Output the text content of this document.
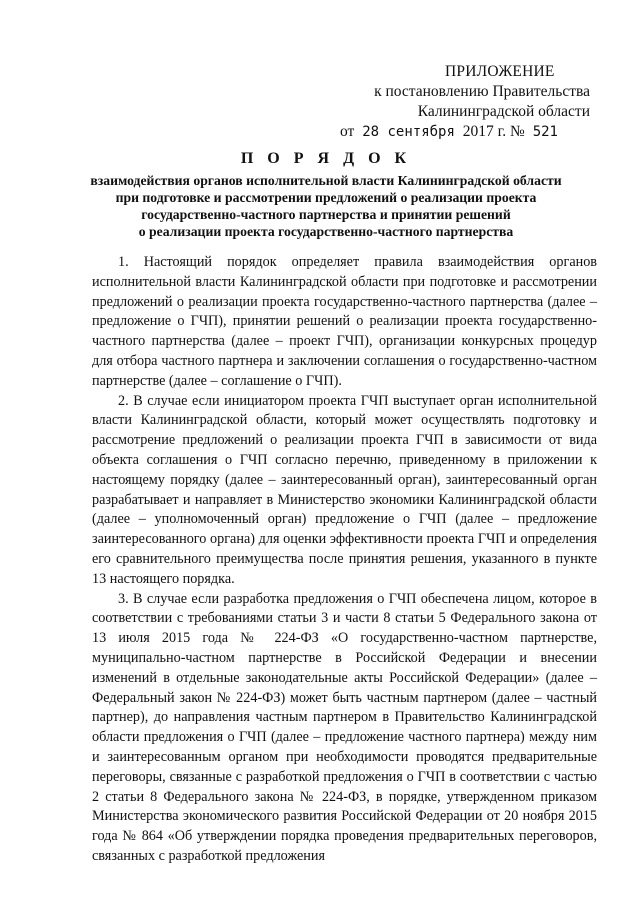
ПРИЛОЖЕНИЕ
к постановлению Правительства
Калининградской области
от 28 сентября 2017 г. № 521
П О Р Я Д О К
взаимодействия органов исполнительной власти Калининградской области
при подготовке и рассмотрении предложений о реализации проекта
государственно-частного партнерства и принятии решений
о реализации проекта государственно-частного партнерства

1. Настоящий порядок определяет правила взаимодействия органов исполнительной власти Калининградской области при подготовке и рассмотрении предложений о реализации проекта государственно-частного партнерства (далее – предложение о ГЧП), принятии решений о реализации проекта государственно-частного партнерства (далее – проект ГЧП), организации конкурсных процедур для отбора частного партнера и заключении соглашения о государственно-частном партнерстве (далее – соглашение о ГЧП).

2. В случае если инициатором проекта ГЧП выступает орган исполнительной власти Калининградской области, который может осуществлять подготовку и рассмотрение предложений о реализации проекта ГЧП в зависимости от вида объекта соглашения о ГЧП согласно перечню, приведенному в приложении к настоящему порядку (далее – заинтересованный орган), заинтересованный орган разрабатывает и направляет в Министерство экономики Калининградской области (далее – уполномоченный орган) предложение о ГЧП (далее – предложение заинтересованного органа) для оценки эффективности проекта ГЧП и определения его сравнительного преимущества после принятия решения, указанного в пункте 13 настоящего порядка.

3. В случае если разработка предложения о ГЧП обеспечена лицом, которое в соответствии с требованиями статьи 3 и части 8 статьи 5 Федерального закона от 13 июля 2015 года № 224-ФЗ «О государственно-частном партнерстве, муниципально-частном партнерстве в Российской Федерации и внесении изменений в отдельные законодательные акты Российской Федерации» (далее – Федеральный закон № 224-ФЗ) может быть частным партнером (далее – частный партнер), до направления частным партнером в Правительство Калининградской области предложения о ГЧП (далее – предложение частного партнера) между ним и заинтересованным органом при необходимости проводятся предварительные переговоры, связанные с разработкой предложения о ГЧП в соответствии с частью 2 статьи 8 Федерального закона № 224-ФЗ, в порядке, утвержденном приказом Министерства экономического развития Российской Федерации от 20 ноября 2015 года № 864 «Об утверждении порядка проведения предварительных переговоров, связанных с разработкой предложения
